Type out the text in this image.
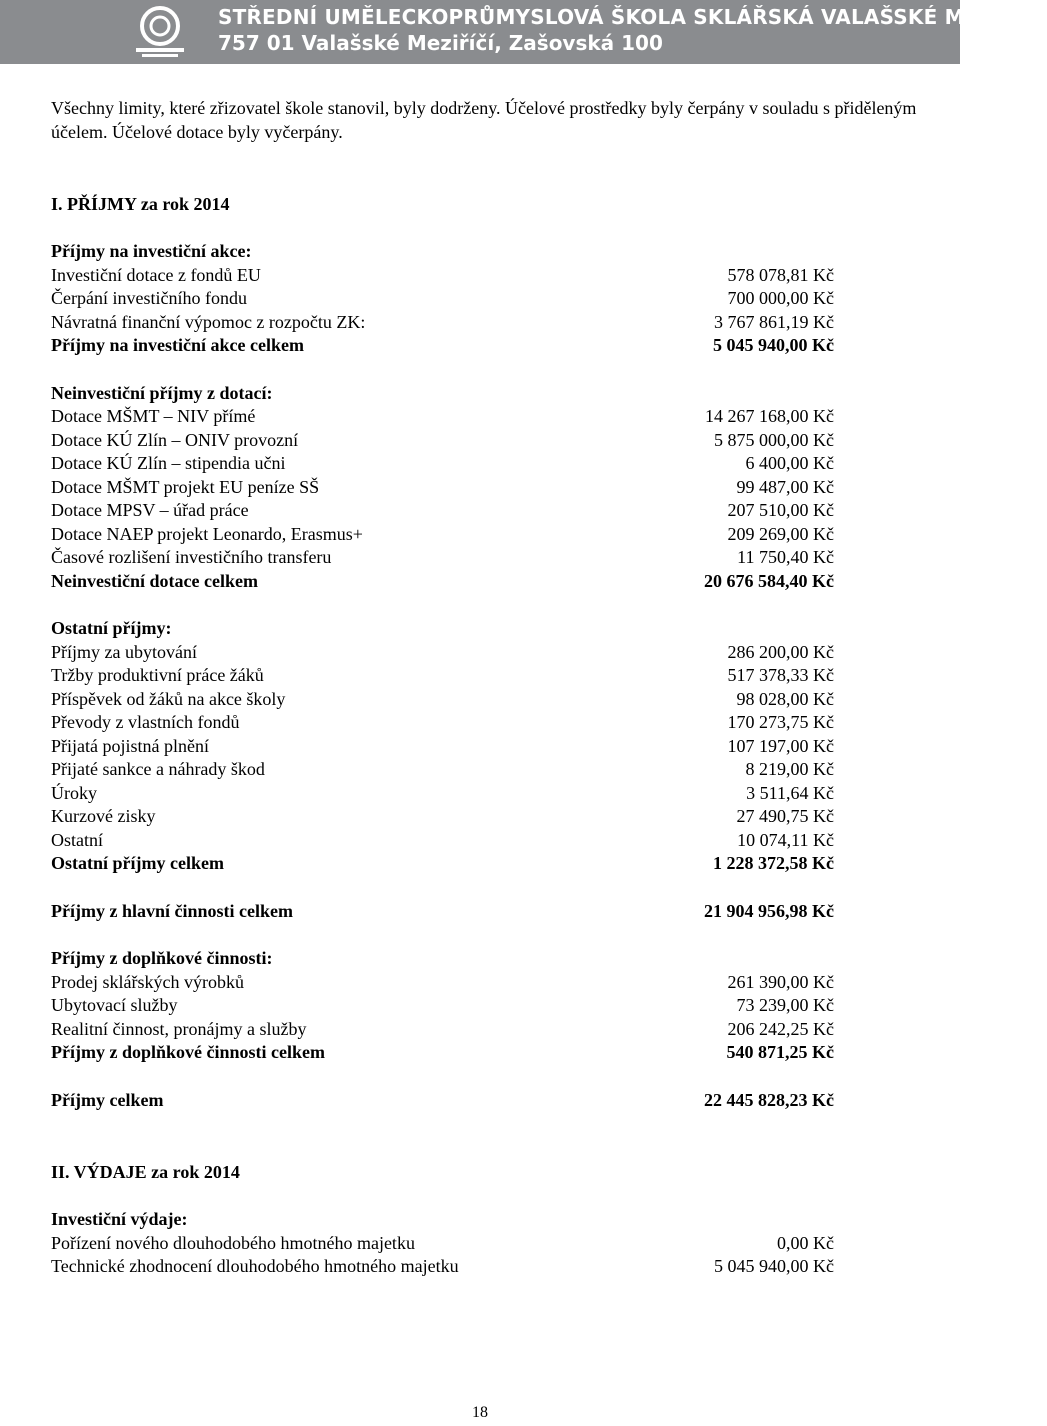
STŘEDNÍ UMĚLECKOPRŮMYSLOVÁ ŠKOLA SKLÁŘSKÁ VALAŠSKÉ MEZIŘÍČÍ
757 01 Valašské Meziříčí, Zašovská 100

Všechny limity, které zřizovatel škole stanovil, byly dodrženy. Účelové prostředky byly čerpány v souladu s přiděleným účelem. Účelové dotace byly vyčerpány.

I. PŘÍJMY za rok 2014
Příjmy na investiční akce:
Investiční dotace z fondů EU	578 078,81 Kč
Čerpání investičního fondu	700 000,00 Kč
Návratná finanční výpomoc z rozpočtu ZK:	3 767 861,19 Kč
Příjmy na investiční akce celkem	5 045 940,00 Kč
Neinvestiční příjmy z dotací:
Dotace MŠMT – NIV přímé	14 267 168,00 Kč
Dotace KÚ Zlín – ONIV provozní	5 875 000,00 Kč
Dotace KÚ Zlín – stipendia učni	6 400,00 Kč
Dotace MŠMT projekt EU peníze SŠ	99 487,00 Kč
Dotace MPSV – úřad práce	207 510,00 Kč
Dotace NAEP projekt Leonardo, Erasmus+	209 269,00 Kč
Časové rozlišení investičního transferu	11 750,40 Kč
Neinvestiční dotace celkem	20 676 584,40 Kč
Ostatní příjmy:
Příjmy za ubytování	286 200,00 Kč
Tržby produktivní práce žáků	517 378,33 Kč
Příspěvek od žáků na akce školy	98 028,00 Kč
Převody z vlastních fondů	170 273,75 Kč
Přijatá pojistná plnění	107 197,00 Kč
Přijaté sankce a náhrady škod	8 219,00 Kč
Úroky	3 511,64 Kč
Kurzové zisky	27 490,75 Kč
Ostatní	10 074,11 Kč
Ostatní příjmy celkem	1 228 372,58 Kč
Příjmy z hlavní činnosti celkem	21 904 956,98 Kč
Příjmy z doplňkové činnosti:
Prodej sklářských výrobků	261 390,00 Kč
Ubytovací služby	73 239,00 Kč
Realitní činnost, pronájmy a služby	206 242,25 Kč
Příjmy z doplňkové činnosti celkem	540 871,25 Kč
Příjmy celkem	22 445 828,23 Kč
II. VÝDAJE za rok 2014
Investiční výdaje:
Pořízení nového dlouhodobého hmotného majetku	0,00 Kč
Technické zhodnocení dlouhodobého hmotného majetku	5 045 940,00 Kč
18
